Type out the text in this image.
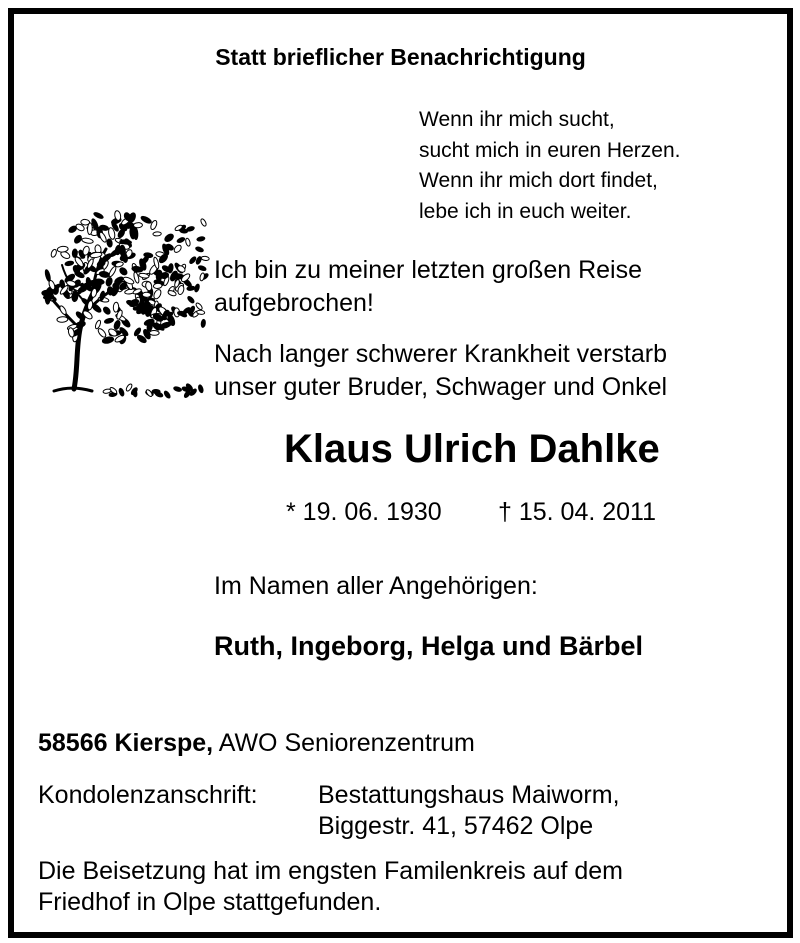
Statt brieflicher Benachrichtigung
Wenn ihr mich sucht,
sucht mich in euren Herzen.
Wenn ihr mich dort findet,
lebe ich in euch weiter.
Ich bin zu meiner letzten großen Reise
aufgebrochen!
Nach langer schwerer Krankheit verstarb
unser guter Bruder, Schwager und Onkel
Klaus Ulrich Dahlke
* 19. 06. 1930 † 15. 04. 2011
Im Namen aller Angehörigen:
Ruth, Ingeborg, Helga und Bärbel
58566 Kierspe, AWO Seniorenzentrum
Kondolenzanschrift: Bestattungshaus Maiworm,
Biggestr. 41, 57462 Olpe
Die Beisetzung hat im engsten Familenkreis auf dem
Friedhof in Olpe stattgefunden.
